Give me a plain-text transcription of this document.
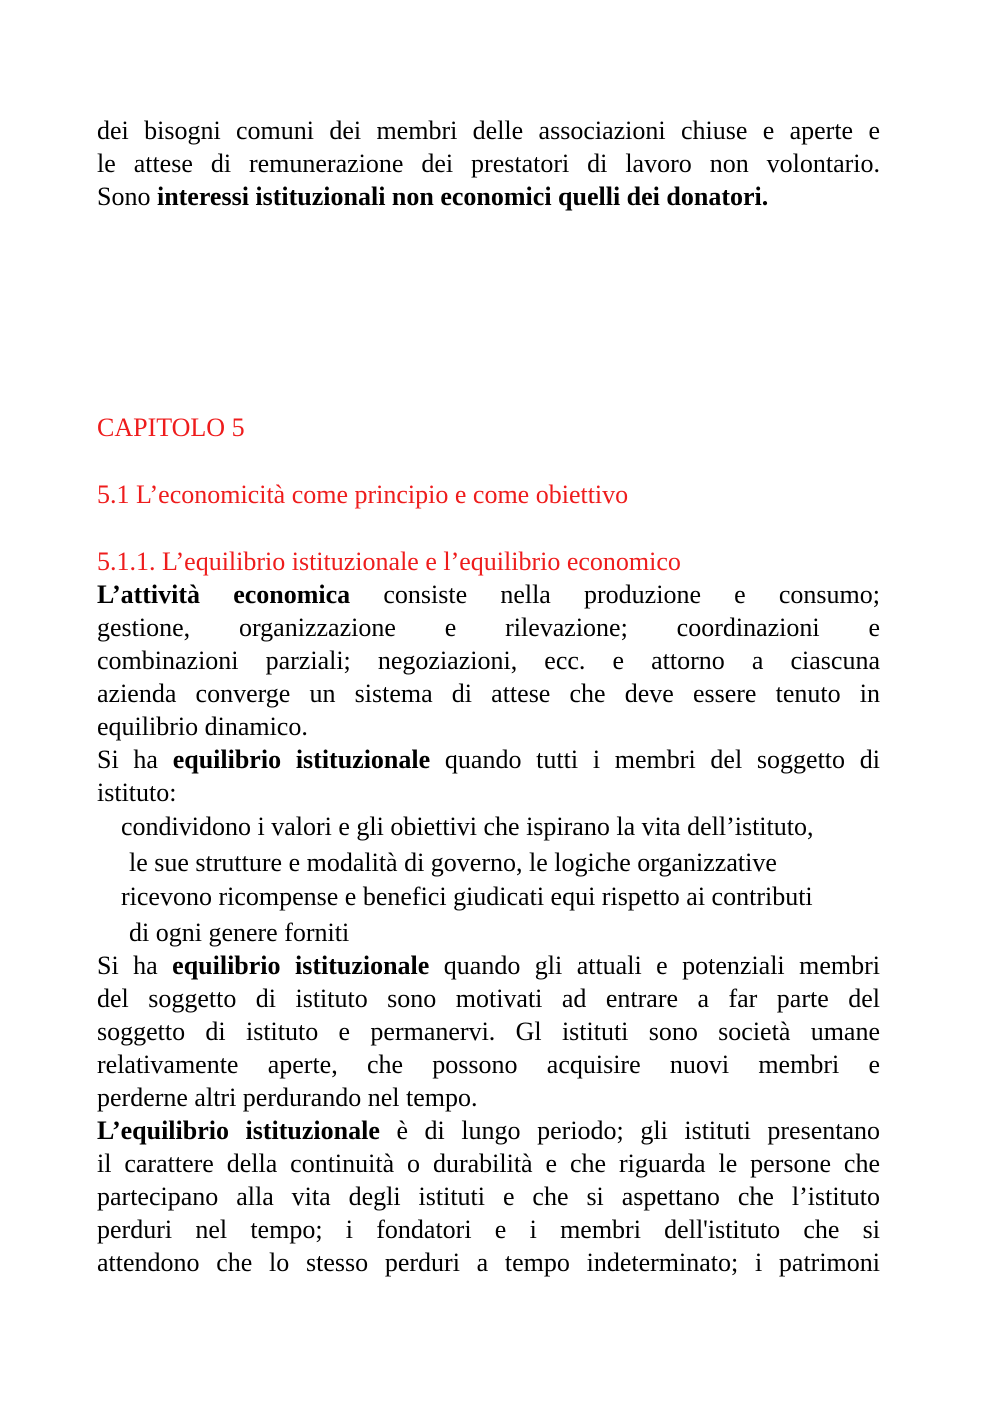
dei bisogni comuni dei membri delle associazioni chiuse e aperte e
le attese di remunerazione dei prestatori di lavoro non volontario.
Sono interessi istituzionali non economici quelli dei donatori.
CAPITOLO 5
5.1 L’economicità come principio e come obiettivo
5.1.1. L’equilibrio istituzionale e l’equilibrio economico
L’attività economica consiste nella produzione e consumo;
gestione, organizzazione e rilevazione; coordinazioni e
combinazioni parziali; negoziazioni, ecc. e attorno a ciascuna
azienda converge un sistema di attese che deve essere tenuto in
equilibrio dinamico.
Si ha equilibrio istituzionale quando tutti i membri del soggetto di
istituto:
condividono i valori e gli obiettivi che ispirano la vita dell’istituto,
le sue strutture e modalità di governo, le logiche organizzative
ricevono ricompense e benefici giudicati equi rispetto ai contributi
di ogni genere forniti
Si ha equilibrio istituzionale quando gli attuali e potenziali membri
del soggetto di istituto sono motivati ad entrare a far parte del
soggetto di istituto e permanervi. Gl istituti sono società umane
relativamente aperte, che possono acquisire nuovi membri e
perderne altri perdurando nel tempo.
L’equilibrio istituzionale è di lungo periodo; gli istituti presentano
il carattere della continuità o durabilità e che riguarda le persone che
partecipano alla vita degli istituti e che si aspettano che l’istituto
perduri nel tempo; i fondatori e i membri dell'istituto che si
attendono che lo stesso perduri a tempo indeterminato; i patrimoni
